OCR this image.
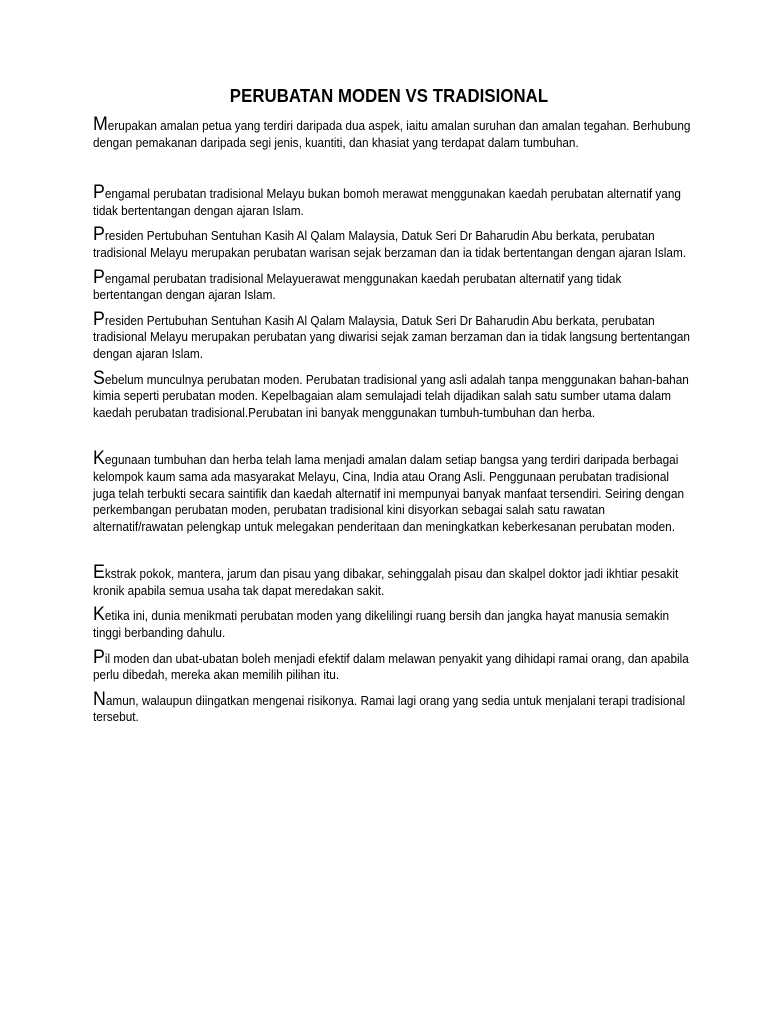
PERUBATAN MODEN VS TRADISIONAL

Merupakan amalan petua yang terdiri daripada dua aspek, iaitu amalan suruhan dan amalan tegahan. Berhubung dengan pemakanan daripada segi jenis, kuantiti, dan khasiat yang terdapat dalam tumbuhan.

Pengamal perubatan tradisional Melayu bukan bomoh merawat menggunakan kaedah perubatan alternatif yang tidak bertentangan dengan ajaran Islam.

Presiden Pertubuhan Sentuhan Kasih Al Qalam Malaysia, Datuk Seri Dr Baharudin Abu berkata, perubatan tradisional Melayu merupakan perubatan warisan sejak berzaman dan ia tidak bertentangan dengan ajaran Islam.

Pengamal perubatan tradisional Melayuerawat menggunakan kaedah perubatan alternatif yang tidak bertentangan dengan ajaran Islam.

Presiden Pertubuhan Sentuhan Kasih Al Qalam Malaysia, Datuk Seri Dr Baharudin Abu berkata, perubatan tradisional Melayu merupakan perubatan yang diwarisi sejak zaman berzaman dan ia tidak langsung bertentangan dengan ajaran Islam.

Sebelum munculnya perubatan moden. Perubatan tradisional yang asli adalah tanpa menggunakan bahan-bahan kimia seperti perubatan moden. Kepelbagaian alam semulajadi telah dijadikan salah satu sumber utama dalam kaedah perubatan tradisional.Perubatan ini banyak menggunakan tumbuh-tumbuhan dan herba.

Kegunaan tumbuhan dan herba telah lama menjadi amalan dalam setiap bangsa yang terdiri daripada berbagai kelompok kaum sama ada masyarakat Melayu, Cina, India atau Orang Asli. Penggunaan perubatan tradisional juga telah terbukti secara saintifik dan kaedah alternatif ini mempunyai banyak manfaat tersendiri. Seiring dengan perkembangan perubatan moden, perubatan tradisional kini disyorkan sebagai salah satu rawatan alternatif/rawatan pelengkap untuk melegakan penderitaan dan meningkatkan keberkesanan perubatan moden.

Ekstrak pokok, mantera, jarum dan pisau yang dibakar, sehinggalah pisau dan skalpel doktor jadi ikhtiar pesakit kronik apabila semua usaha tak dapat meredakan sakit.

Ketika ini, dunia menikmati perubatan moden yang dikelilingi ruang bersih dan jangka hayat manusia semakin tinggi berbanding dahulu.

Pil moden dan ubat-ubatan boleh menjadi efektif dalam melawan penyakit yang dihidapi ramai orang, dan apabila perlu dibedah, mereka akan memilih pilihan itu.

Namun, walaupun diingatkan mengenai risikonya. Ramai lagi orang yang sedia untuk menjalani terapi tradisional tersebut.
